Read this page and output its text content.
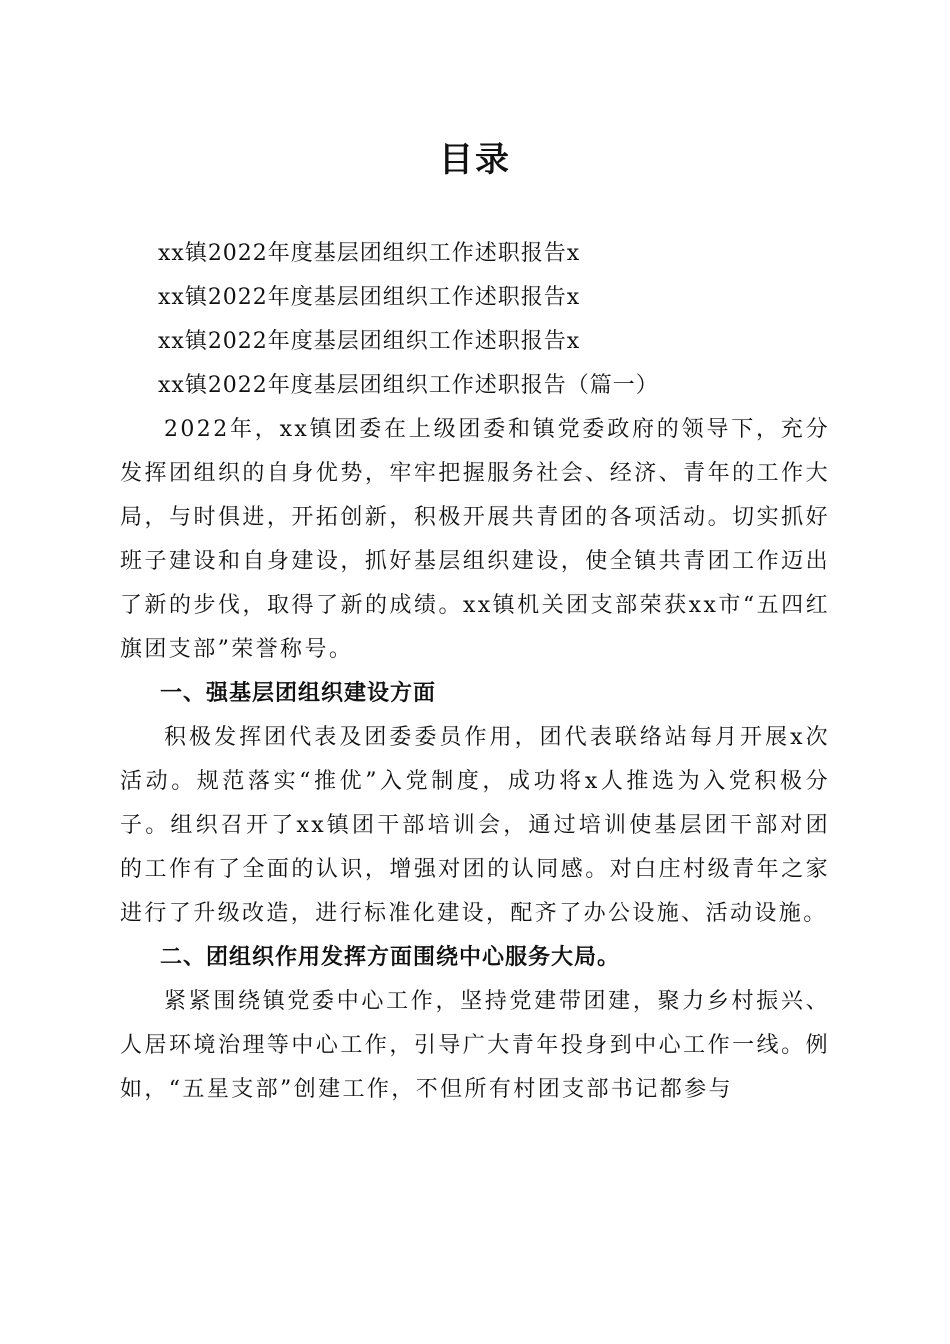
目录
xx镇2022年度基层团组织工作述职报告x
xx镇2022年度基层团组织工作述职报告x
xx镇2022年度基层团组织工作述职报告x
xx镇2022年度基层团组织工作述职报告（篇一）

2022年，xx镇团委在上级团委和镇党委政府的领导下，充分发挥团组织的自身优势，牢牢把握服务社会、经济、青年的工作大局，与时俱进，开拓创新，积极开展共青团的各项活动。切实抓好班子建设和自身建设，抓好基层组织建设，使全镇共青团工作迈出了新的步伐，取得了新的成绩。xx镇机关团支部荣获xx市“五四红旗团支部”荣誉称号。

一、强基层团组织建设方面

积极发挥团代表及团委委员作用，团代表联络站每月开展x次活动。规范落实“推优”入党制度，成功将x人推选为入党积极分子。组织召开了xx镇团干部培训会，通过培训使基层团干部对团的工作有了全面的认识，增强对团的认同感。对白庄村级青年之家进行了升级改造，进行标准化建设，配齐了办公设施、活动设施。

二、团组织作用发挥方面围绕中心服务大局。

紧紧围绕镇党委中心工作，坚持党建带团建，聚力乡村振兴、人居环境治理等中心工作，引导广大青年投身到中心工作一线。例如，“五星支部”创建工作，不但所有村团支部书记都参与
